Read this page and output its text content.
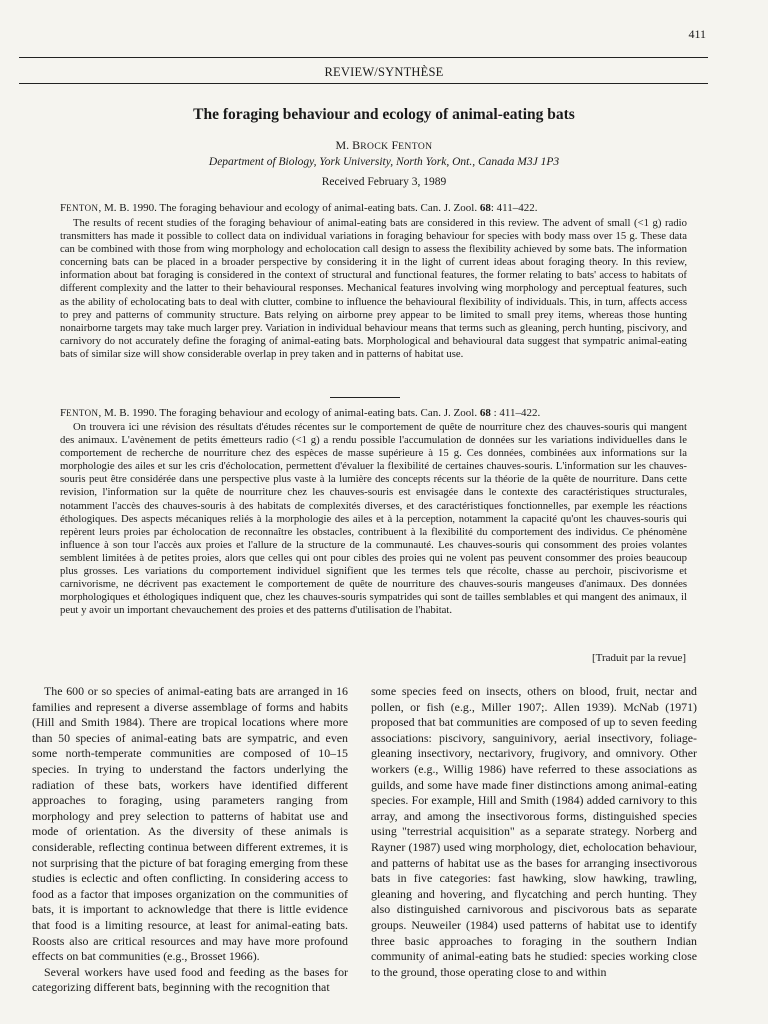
411
REVIEW/SYNTHÈSE
The foraging behaviour and ecology of animal-eating bats
M. BROCK FENTON
Department of Biology, York University, North York, Ont., Canada M3J 1P3
Received February 3, 1989
FENTON, M. B. 1990. The foraging behaviour and ecology of animal-eating bats. Can. J. Zool. 68: 411–422.

The results of recent studies of the foraging behaviour of animal-eating bats are considered in this review. The advent of small (<1 g) radio transmitters has made it possible to collect data on individual variations in foraging behaviour for species with body mass over 15 g. These data can be combined with those from wing morphology and echolocation call design to assess the flexibility achieved by some bats. The information concerning bats can be placed in a broader perspective by considering it in the light of current ideas about foraging theory. In this review, information about bat foraging is considered in the context of structural and functional features, the former relating to bats' access to habitats of different complexity and the latter to their behavioural responses. Mechanical features involving wing morphology and perceptual features, such as the ability of echolocating bats to deal with clutter, combine to influence the behavioural flexibility of individuals. This, in turn, affects access to prey and patterns of community structure. Bats relying on airborne prey appear to be limited to small prey items, whereas those hunting nonairborne targets may take much larger prey. Variation in individual behaviour means that terms such as gleaning, perch hunting, piscivory, and carnivory do not accurately define the foraging of animal-eating bats. Morphological and behavioural data suggest that sympatric animal-eating bats of similar size will show considerable overlap in prey taken and in patterns of habitat use.

FENTON, M. B. 1990. The foraging behaviour and ecology of animal-eating bats. Can. J. Zool. 68 : 411–422.

On trouvera ici une révision des résultats d'études récentes sur le comportement de quête de nourriture chez des chauves-souris qui mangent des animaux. L'avènement de petits émetteurs radio (<1 g) a rendu possible l'accumulation de données sur les variations individuelles dans le comportement de recherche de nourriture chez des espèces de masse supérieure à 15 g. Ces données, combinées aux informations sur la morphologie des ailes et sur les cris d'écholocation, permettent d'évaluer la flexibilité de certaines chauves-souris. L'information sur les chauves-souris peut être considérée dans une perspective plus vaste à la lumière des concepts récents sur la théorie de la quête de nourriture. Dans cette revision, l'information sur la quête de nourriture chez les chauves-souris est envisagée dans le contexte des caractéristiques structurales, notamment l'accès des chauves-souris à des habitats de complexités diverses, et des caractéristiques fonctionnelles, par exemple les réactions éthologiques. Des aspects mécaniques reliés à la morphologie des ailes et à la perception, notamment la capacité qu'ont les chauves-souris qui repèrent leurs proies par écholocation de reconnaître les obstacles, contribuent à la flexibilité du comportement des individus. Ce phénomène influence à son tour l'accès aux proies et l'allure de la structure de la communauté. Les chauves-souris qui consomment des proies volantes semblent limitées à de petites proies, alors que celles qui ont pour cibles des proies qui ne volent pas peuvent consommer des proies beaucoup plus grosses. Les variations du comportement individuel signifient que les termes tels que récolte, chasse au perchoir, piscivorisme et carnivorisme, ne décrivent pas exactement le comportement de quête de nourriture des chauves-souris mangeuses d'animaux. Des données morphologiques et éthologiques indiquent que, chez les chauves-souris sympatrides qui sont de tailles semblables et qui mangent des animaux, il peut y avoir un important chevauchement des proies et des patterns d'utilisation de l'habitat.

[Traduit par la revue]

The 600 or so species of animal-eating bats are arranged in 16 families and represent a diverse assemblage of forms and habits (Hill and Smith 1984). There are tropical locations where more than 50 species of animal-eating bats are sympatric, and even some north-temperate communities are composed of 10–15 species. In trying to understand the factors underlying the radiation of these bats, workers have identified different approaches to foraging, using parameters ranging from morphology and prey selection to patterns of habitat use and mode of orientation. As the diversity of these animals is considerable, reflecting continua between different extremes, it is not surprising that the picture of bat foraging emerging from these studies is eclectic and often conflicting. In considering access to food as a factor that imposes organization on the communities of bats, it is important to acknowledge that there is little evidence that food is a limiting resource, at least for animal-eating bats. Roosts also are critical resources and may have more profound effects on bat communities (e.g., Brosset 1966).

Several workers have used food and feeding as the bases for categorizing different bats, beginning with the recognition that

some species feed on insects, others on blood, fruit, nectar and pollen, or fish (e.g., Miller 1907;. Allen 1939). McNab (1971) proposed that bat communities are composed of up to seven feeding associations: piscivory, sanguinivory, aerial insectivory, foliage-gleaning insectivory, nectarivory, frugivory, and omnivory. Other workers (e.g., Willig 1986) have referred to these associations as guilds, and some have made finer distinctions among animal-eating species. For example, Hill and Smith (1984) added carnivory to this array, and among the insectivorous forms, distinguished species using "terrestrial acquisition" as a separate strategy. Norberg and Rayner (1987) used wing morphology, diet, echolocation behaviour, and patterns of habitat use as the bases for arranging insectivorous bats in five categories: fast hawking, slow hawking, trawling, gleaning and hovering, and flycatching and perch hunting. They also distinguished carnivorous and piscivorous bats as separate groups. Neuweiler (1984) used patterns of habitat use to identify three basic approaches to foraging in the southern Indian community of animal-eating bats he studied: species working close to the ground, those operating close to and within
